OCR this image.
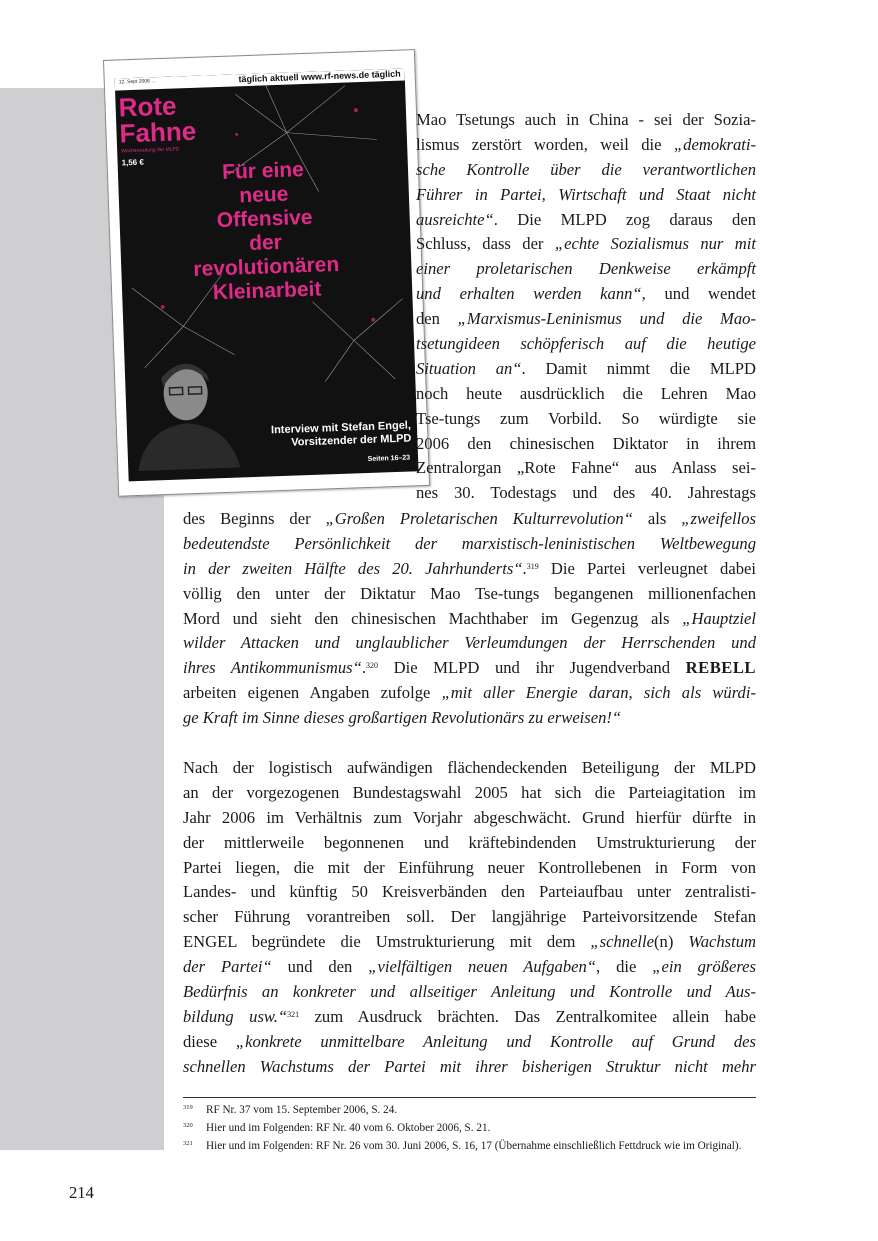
12. Sept 2006 ...	täglich aktuell www.rf-news.de täglich
Rote
Fahne
Wochenzeitung der MLPD
1,56 €	Für eine
neue
Offensive
der
revolutionären
Kleinarbeit
Interview mit Stefan Engel,
Vorsitzender der MLPD
Seiten 16–23
Mao Tsetungs auch in China - sei der Sozia-
lismus zerstört worden, weil die „demokrati-
sche Kontrolle über die verantwortlichen
Führer in Partei, Wirtschaft und Staat nicht
ausreichte“. Die MLPD zog daraus den
Schluss, dass der „echte Sozialismus nur mit
einer proletarischen Denkweise erkämpft
und erhalten werden kann“, und wendet
den „Marxismus-Leninismus und die Mao-
tsetungideen schöpferisch auf die heutige
Situation an“. Damit nimmt die MLPD
noch heute ausdrücklich die Lehren Mao
Tse-tungs zum Vorbild. So würdigte sie
2006 den chinesischen Diktator in ihrem
Zentralorgan „Rote Fahne“ aus Anlass sei-
nes 30. Todestags und des 40. Jahrestags
des Beginns der „Großen Proletarischen Kulturrevolution“ als „zweifellos
bedeutendste Persönlichkeit der marxistisch-leninistischen Weltbewegung
in der zweiten Hälfte des 20. Jahrhunderts“.$^{319}$ Die Partei verleugnet dabei
völlig den unter der Diktatur Mao Tse-tungs begangenen millionenfachen
Mord und sieht den chinesischen Machthaber im Gegenzug als „Hauptziel
wilder Attacken und unglaublicher Verleumdungen der Herrschenden und
ihres Antikommunismus“.$^{320}$ Die MLPD und ihr Jugendverband REBELL
arbeiten eigenen Angaben zufolge „mit aller Energie daran, sich als würdi-
ge Kraft im Sinne dieses großartigen Revolutionärs zu erweisen!“
Nach der logistisch aufwändigen flächendeckenden Beteiligung der MLPD
an der vorgezogenen Bundestagswahl 2005 hat sich die Parteiagitation im
Jahr 2006 im Verhältnis zum Vorjahr abgeschwächt. Grund hierfür dürfte in
der mittlerweile begonnenen und kräftebindenden Umstrukturierung der
Partei liegen, die mit der Einführung neuer Kontrollebenen in Form von
Landes- und künftig 50 Kreisverbänden den Parteiaufbau unter zentralisti-
scher Führung vorantreiben soll. Der langjährige Parteivorsitzende Stefan
ENGEL begründete die Umstrukturierung mit dem „schnelle(n) Wachstum
der Partei“ und den „vielfältigen neuen Aufgaben“, die „ein größeres
Bedürfnis an konkreter und allseitiger Anleitung und Kontrolle und Aus-
bildung usw.“$^{321}$ zum Ausdruck brächten. Das Zentralkomitee allein habe
diese „konkrete unmittelbare Anleitung und Kontrolle auf Grund des
schnellen Wachstums der Partei mit ihrer bisherigen Struktur nicht mehr
319 RF Nr. 37 vom 15. September 2006, S. 24.
320 Hier und im Folgenden: RF Nr. 40 vom 6. Oktober 2006, S. 21.
321 Hier und im Folgenden: RF Nr. 26 vom 30. Juni 2006, S. 16, 17 (Übernahme einschließlich Fettdruck wie im Original).
214
